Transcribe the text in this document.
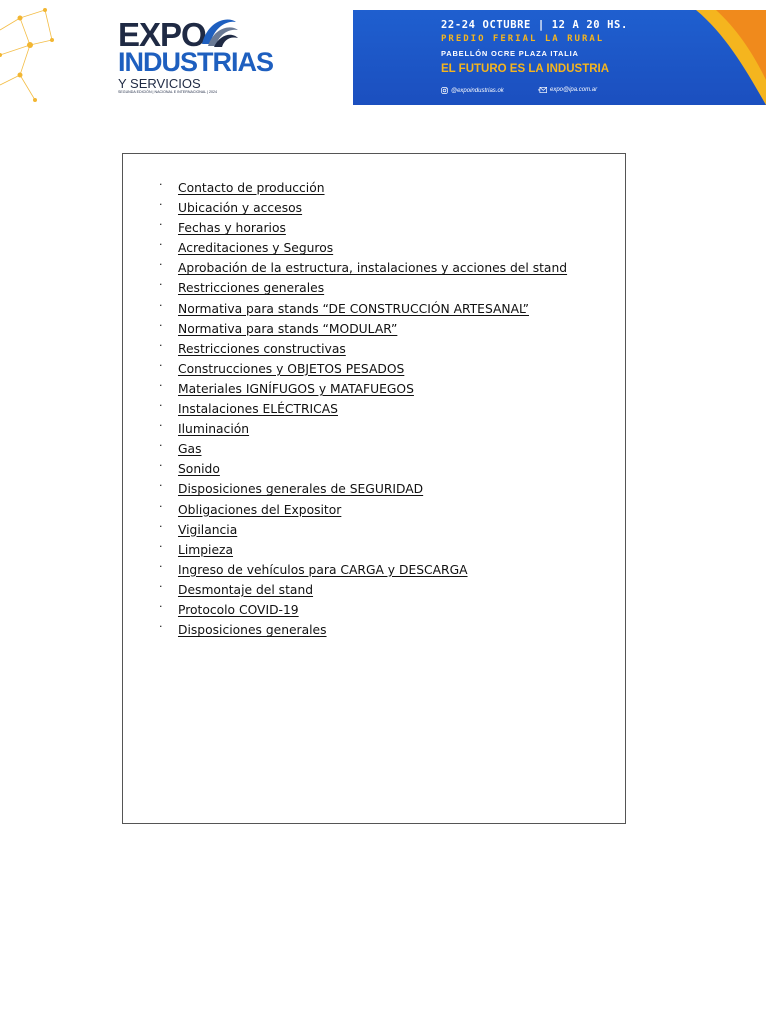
EXPO
INDUSTRIAS
Y SERVICIOS
SEGUNDA EDICIÓN | NACIONAL E INTERNACIONAL | 2024
22-24 OCTUBRE | 12 A 20 HS.
PREDIO FERIAL LA RURAL
PABELLÓN OCRE PLAZA ITALIA
EL FUTURO ES LA INDUSTRIA
@expoindustrias.ok	expo@ipa.com.ar
· Contacto de producción
· Ubicación y accesos
· Fechas y horarios
· Acreditaciones y Seguros
· Aprobación de la estructura, instalaciones y acciones del stand
· Restricciones generales
· Normativa para stands “DE CONSTRUCCIÓN ARTESANAL”
· Normativa para stands “MODULAR”
· Restricciones constructivas
· Construcciones y OBJETOS PESADOS
· Materiales IGNÍFUGOS y MATAFUEGOS
· Instalaciones ELÉCTRICAS
· Iluminación
· Gas
· Sonido
· Disposiciones generales de SEGURIDAD
· Obligaciones del Expositor
· Vigilancia
· Limpieza
· Ingreso de vehículos para CARGA y DESCARGA
· Desmontaje del stand
· Protocolo COVID-19
· Disposiciones generales
